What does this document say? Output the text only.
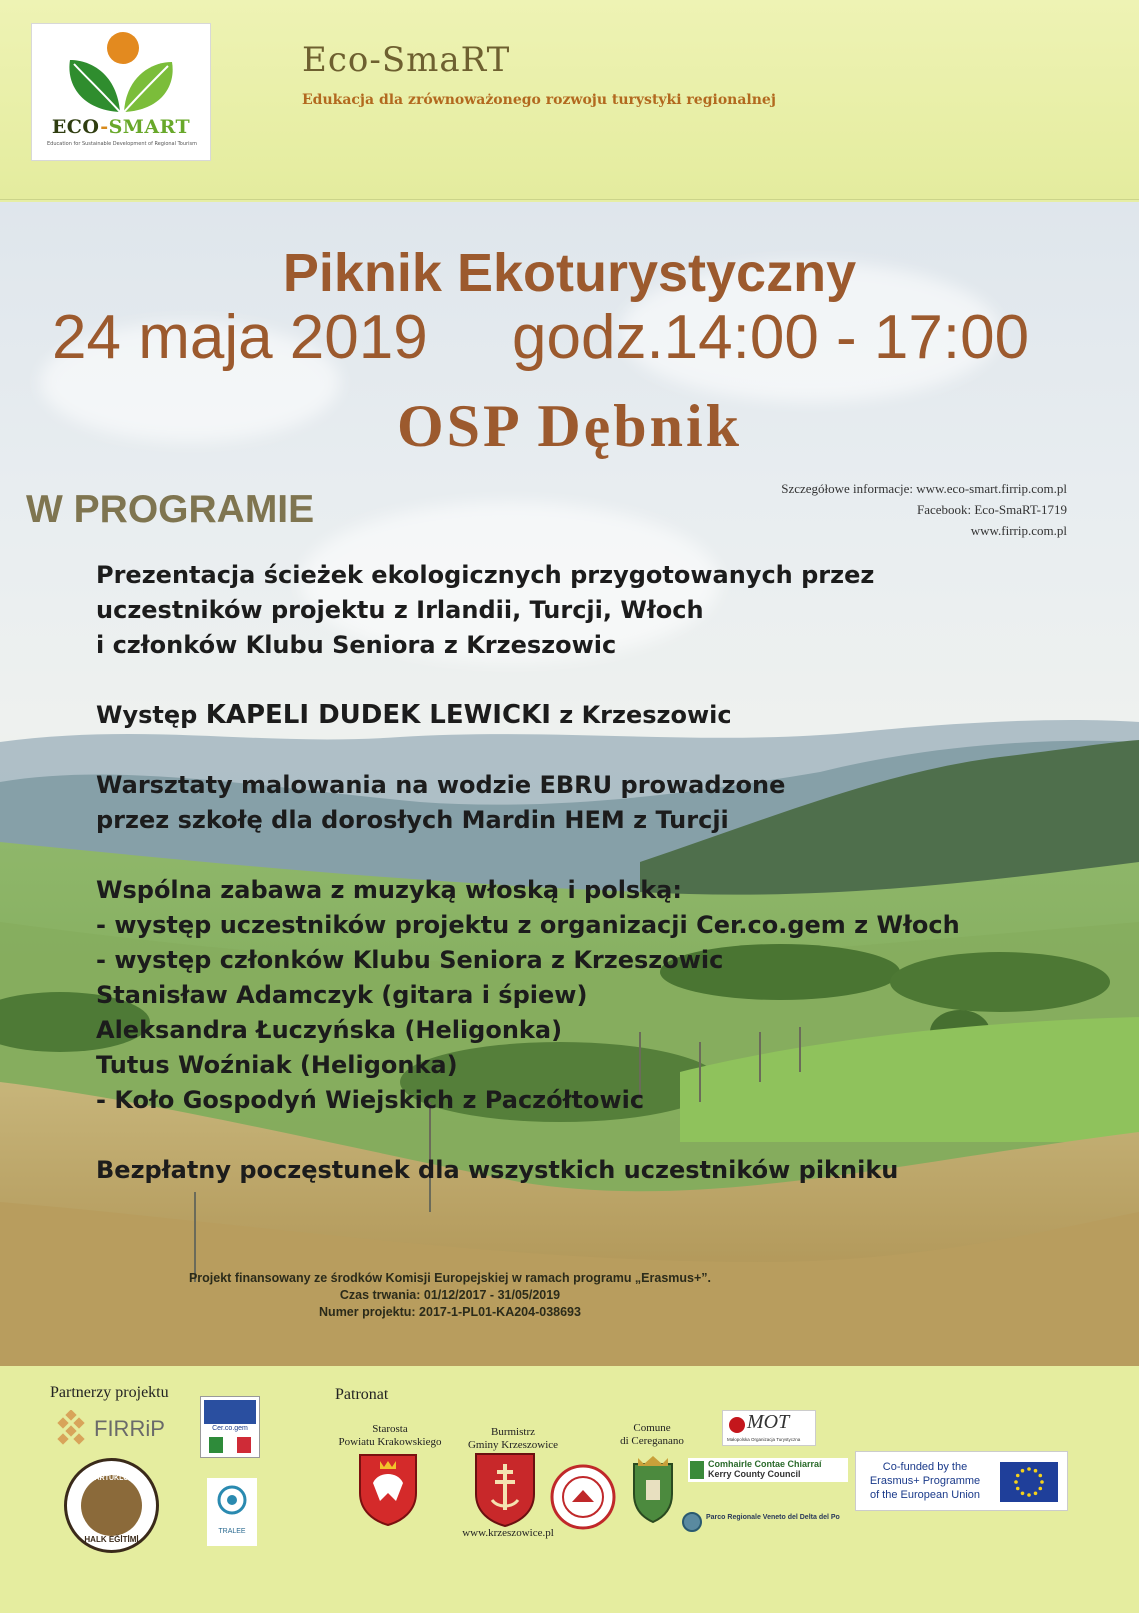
ECO-SMART
Education for Sustainable Development of Regional Tourism
Eco-SmaRT
Edukacja dla zrównoważonego rozwoju turystyki regionalnej
Piknik Ekoturystyczny
24 maja 2019 godz.14:00 - 17:00
OSP Dębnik
Szczegółowe informacje: www.eco-smart.firrip.com.pl
Facebook: Eco-SmaRT-1719
www.firrip.com.pl
W PROGRAMIE
Prezentacja ścieżek ekologicznych przygotowanych przez
uczestników projektu z Irlandii, Turcji, Włoch
i członków Klubu Seniora z Krzeszowic
Występ KAPELI DUDEK LEWICKI z Krzeszowic
Warsztaty malowania na wodzie EBRU prowadzone
przez szkołę dla dorosłych Mardin HEM z Turcji
Wspólna zabawa z muzyką włoską i polską:
- występ uczestników projektu z organizacji Cer.co.gem z Włoch
- występ członków Klubu Seniora z Krzeszowic
Stanisław Adamczyk (gitara i śpiew)
Aleksandra Łuczyńska (Heligonka)
Tutus Woźniak (Heligonka)
- Koło Gospodyń Wiejskich z Paczółtowic
Bezpłatny poczęstunek dla wszystkich uczestników pikniku
Projekt finansowany ze środków Komisji Europejskiej w ramach programu „Erasmus+”.
Czas trwania: 01/12/2017 - 31/05/2019
Numer projektu: 2017-1-PL01-KA204-038693
Partnerzy projektu
FIRRiP	Cer.co.gem
ARTUKLU
HALK EĞİTİMİ
TRALEE
Patronat
Starosta
Powiatu Krakowskiego
Burmistrz
Gminy Krzeszowice
www.krzeszowice.pl
Comune
di Cereganano
MOT
Małopolska Organizacja Turystyczna
Comhairle Contae Chiarraí
Kerry County Council
Parco Regionale Veneto del Delta del Po
Co-funded by the
Erasmus+ Programme
of the European Union
